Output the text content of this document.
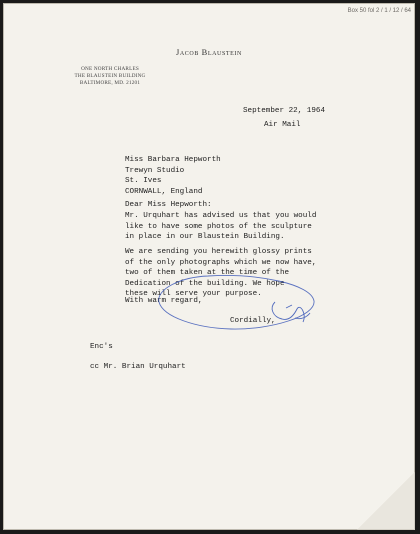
Box 50 fol 2 / 1 / 12 / 64
Jacob Blaustein
ONE NORTH CHARLES
THE BLAUSTEIN BUILDING
BALTIMORE, MD. 21201
September 22, 1964
Air Mail
Miss Barbara Hepworth
Trewyn Studio
St. Ives
CORNWALL, England
Dear Miss Hepworth:
Mr. Urquhart has advised us that you would
like to have some photos of the sculpture
in place in our Blaustein Building.
We are sending you herewith glossy prints
of the only photographs which we now have,
two of them taken at the time of the
Dedication of the building. We hope
these will serve your purpose.
With warm regard,
Cordially,
Enc's
cc Mr. Brian Urquhart
